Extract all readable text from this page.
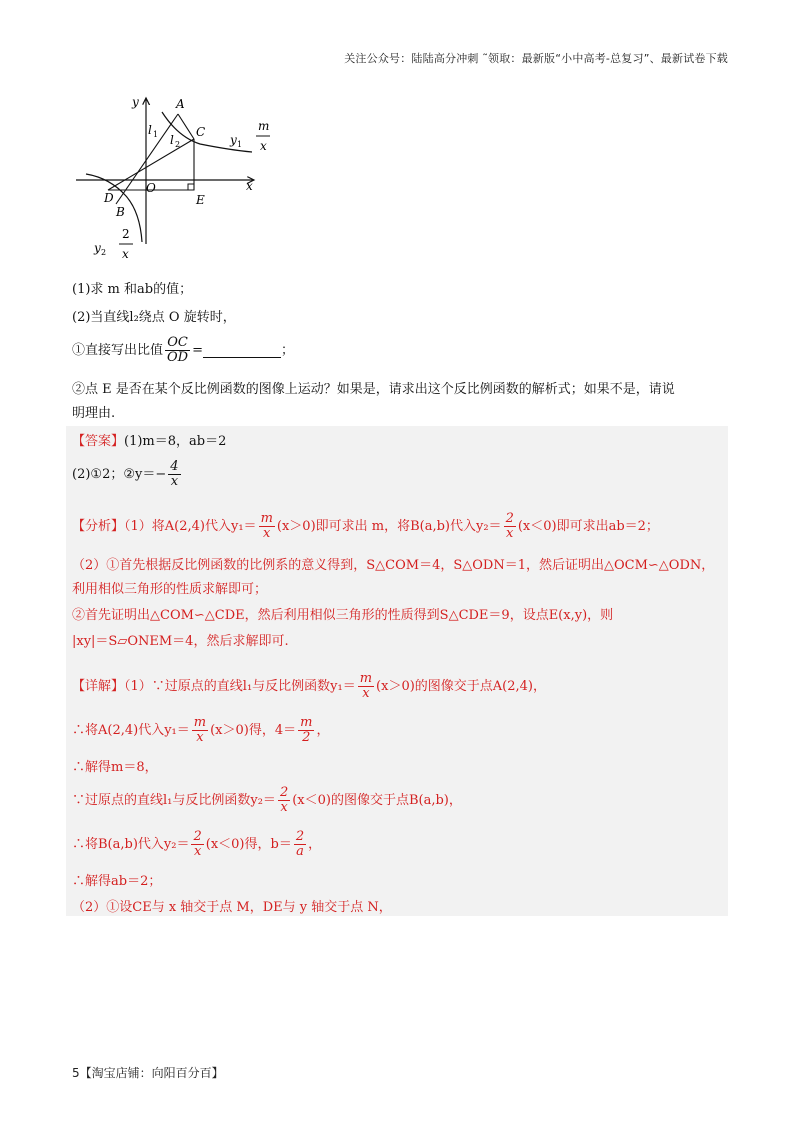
关注公众号：陆陆高分冲刺 ˜领取：最新版“小中高考-总复习”、最新试卷下载
y
x
A
C
l 1 l 2	y 1
m
x
O
D
B
E
y 2
2
x
(1)求 m 和ab的值；
(2)当直线l₂绕点 O 旋转时，
①直接写出比值 $\frac{OC}{OD}$ =	；
②点 E 是否在某个反比例函数的图像上运动？如果是，请求出这个反比例函数的解析式；如果不是，请说
明理由.
【答案】(1)m＝8，ab＝2
(2)①2；②y＝− $\frac{4}{x}$
【分析】（1）将A(2,4)代入$y_1= \frac{m}{x} (x>0)$即可求出 m，将B(a,b)代入$y_2= \frac{2}{x} (x<0)$即可求出ab＝2；
（2）①首先根据反比例函数的比例系的意义得到，S△COM＝4，S△ODN＝1，然后证明出△OCM∽△ODN，
利用相似三角形的性质求解即可；
②首先证明出△COM∽△CDE，然后利用相似三角形的性质得到S△CDE＝9，设点E(x,y)，则
|xy|＝S▱ONEM＝4，然后求解即可.
【详解】（1）∵过原点的直线l₁与反比例函数$y_1= \frac{m}{x} (x>0)$的图像交于点A(2,4)，
∴将A(2,4)代入$y_1= \frac{m}{x} (x>0)$得，$4= \frac{m}{2}$ ，
∴解得m＝8，
∵过原点的直线l₁与反比例函数$y_2= \frac{2}{x} (x<0)$的图像交于点B(a,b)，
∴将B(a,b)代入$y_2= \frac{2}{x} (x<0)$得，$b= \frac{2}{a}$ ，
∴解得ab＝2；
（2）①设CE与 x 轴交于点 M，DE与 y 轴交于点 N，
5【淘宝店铺：向阳百分百】
